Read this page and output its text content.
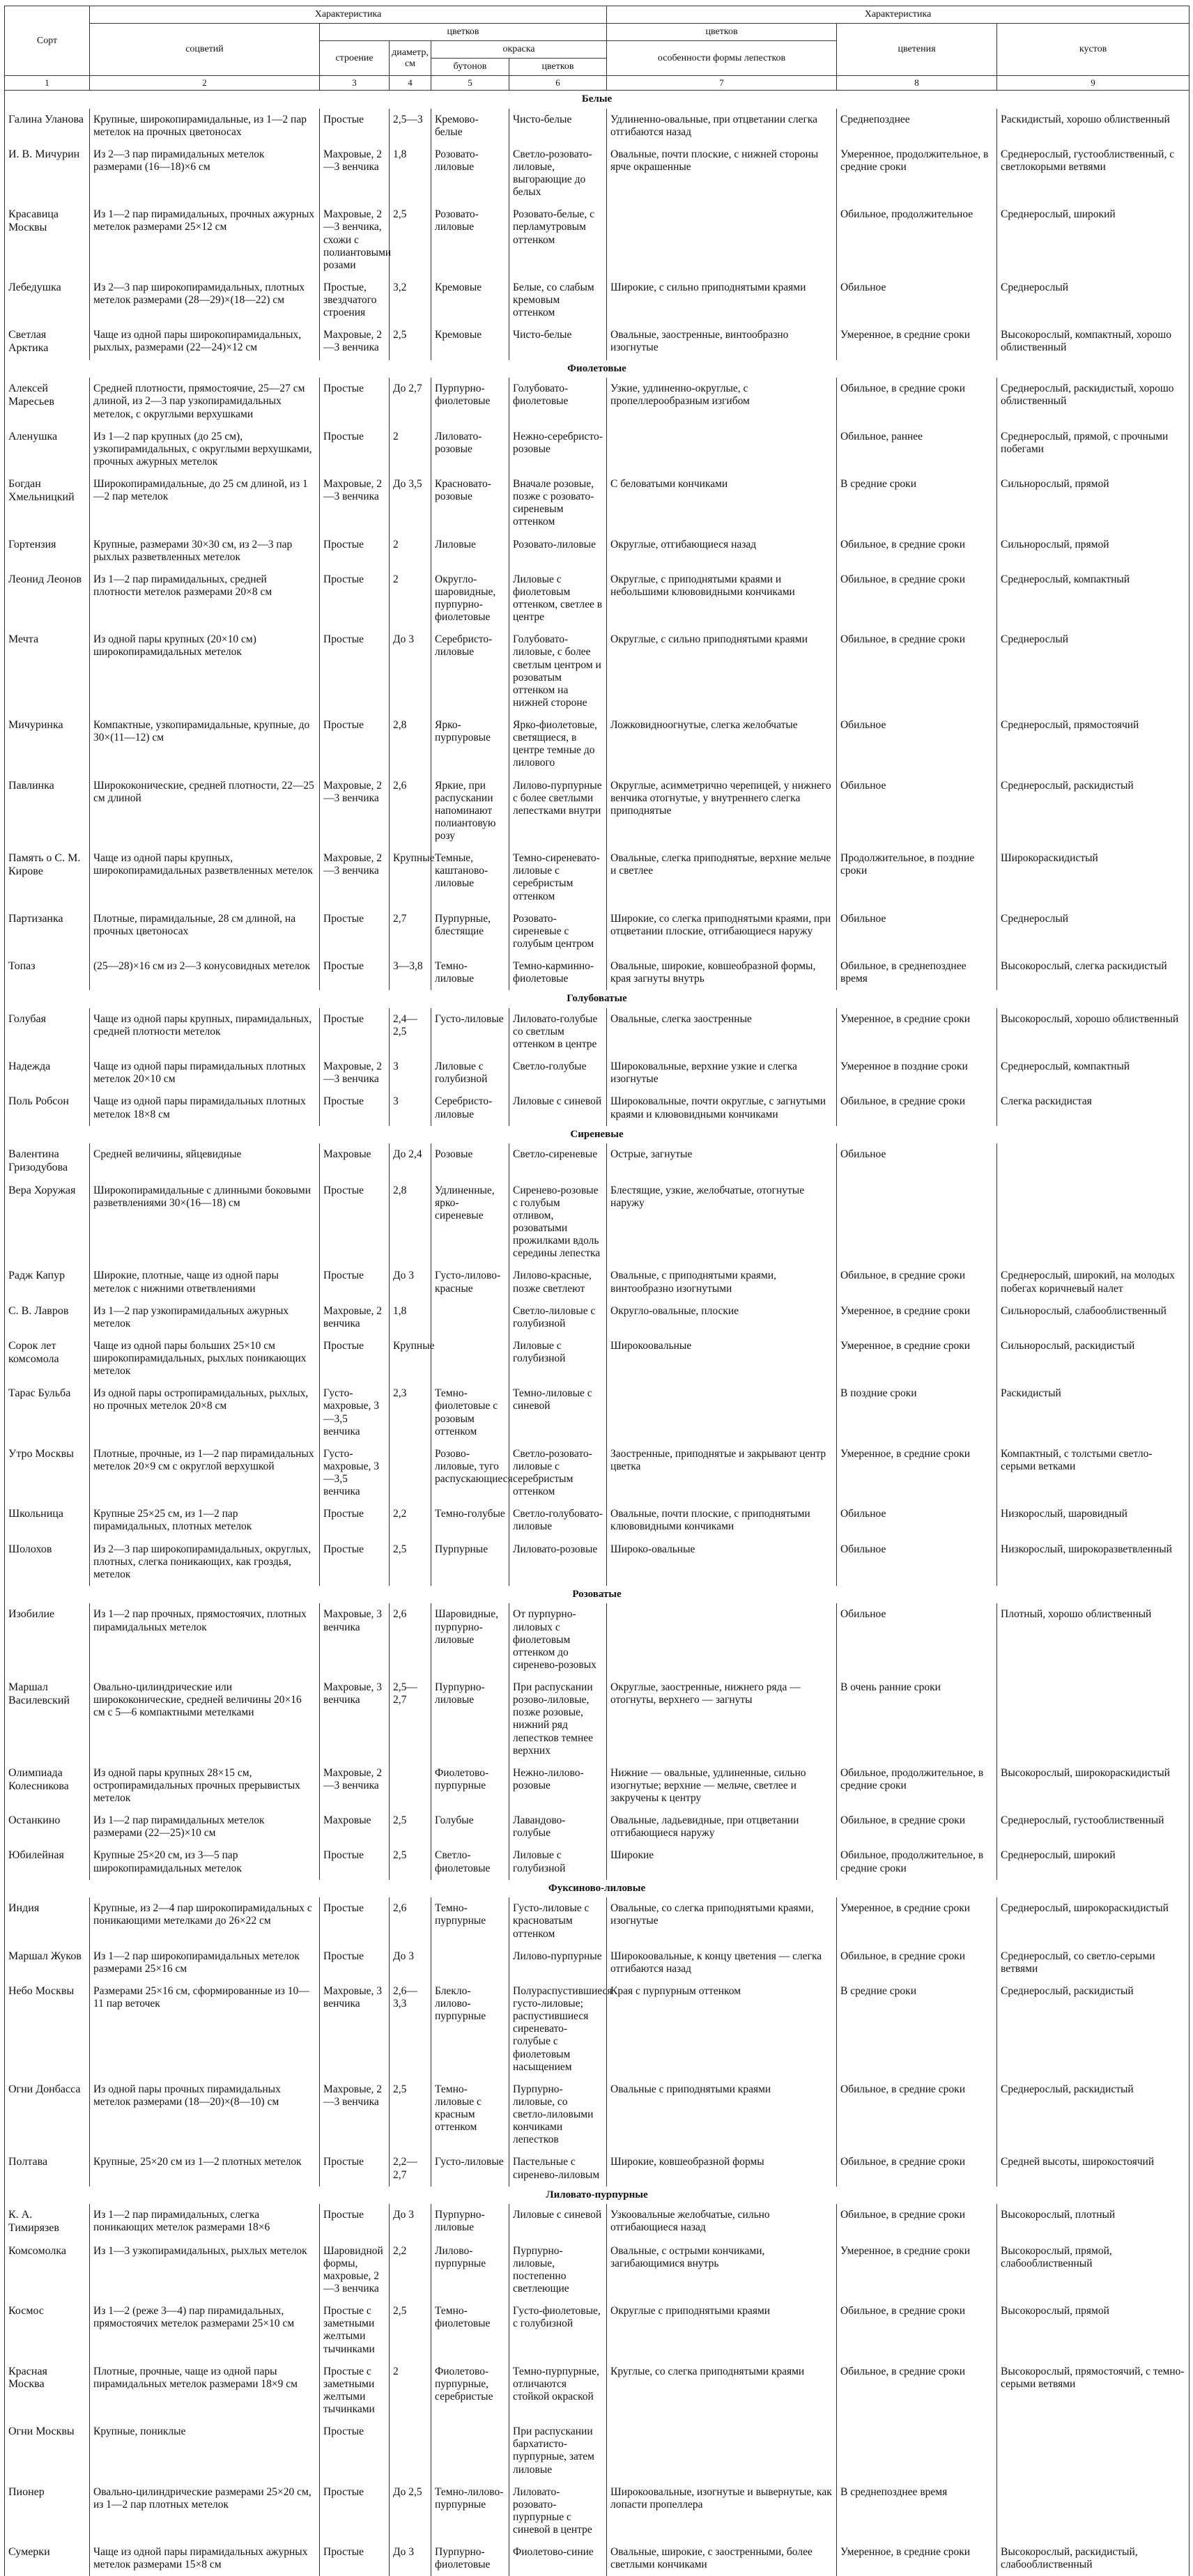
Сорт	Характеристика					Характеристика		
	соцветий	цветков				цветков	цветения	кустов
		строение	диаметр, см	окраска		особенности формы лепестков		
				бутонов	цветков			
1	2	3	4	5	6	7	8	9
Белые								
Галина Уланова	Крупные, широкопирамидальные, из 1—2 пар метелок на прочных цветоносах	Простые	2,5—3	Кремово-белые	Чисто-белые	Удлиненно-овальные, при отцветании слегка отгибаются назад	Среднепозднее	Раскидистый, хорошо облиственный
И. В. Мичурин	Из 2—3 пар пирамидальных метелок размерами (16—18)×6 см	Махровые, 2—3 венчика	1,8	Розовато-лиловые	Светло-розовато-лиловые, выгорающие до белых	Овальные, почти плоские, с нижней стороны ярче окрашенные	Умеренное, продолжительное, в средние сроки	Среднерослый, густооблиственный, с светлокорыми ветвями
Красавица Москвы	Из 1—2 пар пирамидальных, прочных ажурных метелок размерами 25×12 см	Махровые, 2—3 венчика, схожи с полиантовыми розами	2,5	Розовато-лиловые	Розовато-белые, с перламутровым оттенком		Обильное, продолжительное	Среднерослый, широкий
Лебедушка	Из 2—3 пар широкопирамидальных, плотных метелок размерами (28—29)×(18—22) см	Простые, звездчатого строения	3,2	Кремовые	Белые, со слабым кремовым оттенком	Широкие, с сильно приподнятыми краями	Обильное	Среднерослый
Светлая Арктика	Чаще из одной пары широкопирамидальных, рыхлых, размерами (22—24)×12 см	Махровые, 2—3 венчика	2,5	Кремовые	Чисто-белые	Овальные, заостренные, винтообразно изогнутые	Умеренное, в средние сроки	Высокорослый, компактный, хорошо облиственный
Фиолетовые								
Алексей Маресьев	Средней плотности, прямостоячие, 25—27 см длиной, из 2—3 пар узкопирамидальных метелок, с округлыми верхушками	Простые	До 2,7	Пурпурно-фиолетовые	Голубовато-фиолетовые	Узкие, удлиненно-округлые, с пропеллерообразным изгибом	Обильное, в средние сроки	Среднерослый, раскидистый, хорошо облиственный
Аленушка	Из 1—2 пар крупных (до 25 см), узкопирамидальных, с округлыми верхушками, прочных ажурных метелок	Простые	2	Лиловато-розовые	Нежно-серебристо-розовые		Обильное, раннее	Среднерослый, прямой, с прочными побегами
Богдан Хмельницкий	Широкопирамидальные, до 25 см длиной, из 1—2 пар метелок	Махровые, 2—3 венчика	До 3,5	Красновато-розовые	Вначале розовые, позже с розовато-сиреневым оттенком	С беловатыми кончиками	В средние сроки	Сильнорослый, прямой
Гортензия	Крупные, размерами 30×30 см, из 2—3 пар рыхлых разветвленных метелок	Простые	2	Лиловые	Розовато-лиловые	Округлые, отгибающиеся назад	Обильное, в средние сроки	Сильнорослый, прямой
Леонид Леонов	Из 1—2 пар пирамидальных, средней плотности метелок размерами 20×8 см	Простые	2	Округло-шаровидные, пурпурно-фиолетовые	Лиловые с фиолетовым оттенком, светлее в центре	Округлые, с приподнятыми краями и небольшими клювовидными кончиками	Обильное, в средние сроки	Среднерослый, компактный
Мечта	Из одной пары крупных (20×10 см) широкопирамидальных метелок	Простые	До 3	Серебристо-лиловые	Голубовато-лиловые, с более светлым центром и розоватым оттенком на нижней стороне	Округлые, с сильно приподнятыми краями	Обильное, в средние сроки	Среднерослый
Мичуринка	Компактные, узкопирамидальные, крупные, до 30×(11—12) см	Простые	2,8	Ярко-пурпуровые	Ярко-фиолетовые, светящиеся, в центре темные до лилового	Ложковидноогнутые, слегка желобчатые	Обильное	Среднерослый, прямостоячий
Павлинка	Ширококонические, средней плотности, 22—25 см длиной	Махровые, 2—3 венчика	2,6	Яркие, при распускании напоминают полиантовую розу	Лилово-пурпурные с более светлыми лепестками внутри	Округлые, асимметрично черепицей, у нижнего венчика отогнутые, у внутреннего слегка приподнятые	Обильное	Среднерослый, раскидистый
Память о С. М. Кирове	Чаще из одной пары крупных, широкопирамидальных разветвленных метелок	Махровые, 2—3 венчика	Крупные	Темные, каштаново-лиловые	Темно-сиреневато-лиловые с серебристым оттенком	Овальные, слегка приподнятые, верхние мельче и светлее	Продолжительное, в поздние сроки	Широкораскидистый
Партизанка	Плотные, пирамидальные, 28 см длиной, на прочных цветоносах	Простые	2,7	Пурпурные, блестящие	Розовато-сиреневые с голубым центром	Широкие, со слегка приподнятыми краями, при отцветании плоские, отгибающиеся наружу	Обильное	Среднерослый
Топаз	(25—28)×16 см из 2—3 конусовидных метелок	Простые	3—3,8	Темно-лиловые	Темно-карминно-фиолетовые	Овальные, широкие, ковшеобразной формы, края загнуты внутрь	Обильное, в среднепозднее время	Высокорослый, слегка раскидистый
Голубоватые								
Голубая	Чаще из одной пары крупных, пирамидальных, средней плотности метелок	Простые	2,4—2,5	Густо-лиловые	Лиловато-голубые со светлым оттенком в центре	Овальные, слегка заостренные	Умеренное, в средние сроки	Высокорослый, хорошо облиственный
Надежда	Чаще из одной пары пирамидальных плотных метелок 20×10 см	Махровые, 2—3 венчика	3	Лиловые с голубизной	Светло-голубые	Широковальные, верхние узкие и слегка изогнутые	Умеренное в поздние сроки	Среднерослый, компактный
Поль Робсон	Чаще из одной пары пирамидальных плотных метелок 18×8 см	Простые	3	Серебристо-лиловые	Лиловые с синевой	Широковальные, почти округлые, с загнутыми краями и клювовидными кончиками	Обильное, в средние сроки	Слегка раскидистая
Сиреневые								
Валентина Гризодубова	Средней величины, яйцевидные	Махровые	До 2,4	Розовые	Светло-сиреневые	Острые, загнутые	Обильное	
Вера Хоружая	Широкопирамидальные с длинными боковыми разветвлениями 30×(16—18) см	Простые	2,8	Удлиненные, ярко-сиреневые	Сиренево-розовые с голубым отливом, розоватыми прожилками вдоль середины лепестка	Блестящие, узкие, желобчатые, отогнутые наружу		
Радж Капур	Широкие, плотные, чаще из одной пары метелок с нижними ответвлениями	Простые	До 3	Густо-лилово-красные	Лилово-красные, позже светлеют	Овальные, с приподнятыми краями, винтообразно изогнутыми	Обильное, в средние сроки	Среднерослый, широкий, на молодых побегах коричневый налет
С. В. Лавров	Из 1—2 пар узкопирамидальных ажурных метелок	Махровые, 2 венчика	1,8		Светло-лиловые с голубизной	Округло-овальные, плоские	Умеренное, в средние сроки	Сильнорослый, слабооблиственный
Сорок лет комсомола	Чаще из одной пары больших 25×10 см широкопирамидальных, рыхлых поникающих метелок	Простые	Крупные		Лиловые с голубизной	Широкоовальные	Умеренное, в средние сроки	Сильнорослый, раскидистый
Тарас Бульба	Из одной пары остропирамидальных, рыхлых, но прочных метелок 20×8 см	Густо-махровые, 3—3,5 венчика	2,3	Темно-фиолетовые с розовым оттенком	Темно-лиловые с синевой		В поздние сроки	Раскидистый
Утро Москвы	Плотные, прочные, из 1—2 пар пирамидальных метелок 20×9 см с округлой верхушкой	Густо-махровые, 3—3,5 венчика		Розово-лиловые, туго распускающиеся	Светло-розовато-лиловые с серебристым оттенком	Заостренные, приподнятые и закрывают центр цветка	Умеренное, в средние сроки	Компактный, с толстыми светло-серыми ветками
Школьница	Крупные 25×25 см, из 1—2 пар пирамидальных, плотных метелок	Простые	2,2	Темно-голубые	Светло-голубовато-лиловые	Овальные, почти плоские, с приподнятыми клювовидными кончиками	Обильное	Низкорослый, шаровидный
Шолохов	Из 2—3 пар широкопирамидальных, округлых, плотных, слегка поникающих, как гроздья, метелок	Простые	2,5	Пурпурные	Лиловато-розовые	Широко-овальные	Обильное	Низкорослый, широкоразветвленный
Розоватые								
Изобилие	Из 1—2 пар прочных, прямостоячих, плотных пирамидальных метелок	Махровые, 3 венчика	2,6	Шаровидные, пурпурно-лиловые	От пурпурно-лиловых с фиолетовым оттенком до сиренево-розовых		Обильное	Плотный, хорошо облиственный
Маршал Василевский	Овально-цилиндрические или ширококонические, средней величины 20×16 см с 5—6 компактными метелками	Махровые, 3 венчика	2,5—2,7	Пурпурно-лиловые	При распускании розово-лиловые, позже розовые, нижний ряд лепестков темнее верхних	Округлые, заостренные, нижнего ряда — отогнуты, верхнего — загнуты	В очень ранние сроки	
Олимпиада Колесникова	Из одной пары крупных 28×15 см, остропирамидальных прочных прерывистых метелок	Махровые, 2—3 венчика		Фиолетово-пурпурные	Нежно-лилово-розовые	Нижние — овальные, удлиненные, сильно изогнутые; верхние — мельче, светлее и закручены к центру	Обильное, продолжительное, в средние сроки	Высокорослый, широкораскидистый
Останкино	Из 1—2 пар пирамидальных метелок размерами (22—25)×10 см	Махровые	2,5	Голубые	Лавандово-голубые	Овальные, ладьевидные, при отцветании отгибающиеся наружу	Обильное, в средние сроки	Среднерослый, густооблиственный
Юбилейная	Крупные 25×20 см, из 3—5 пар широкопирамидальных метелок	Простые	2,5	Светло-фиолетовые	Лиловые с голубизной	Широкие	Обильное, продолжительное, в средние сроки	Среднерослый, широкий
Фуксиново-лиловые								
Индия	Крупные, из 2—4 пар широкопирамидальных с поникающими метелками до 26×22 см	Простые	2,6	Темно-пурпурные	Густо-лиловые с красноватым оттенком	Овальные, со слегка приподнятыми краями, изогнутые	Умеренное, в средние сроки	Среднерослый, широкораскидистый
Маршал Жуков	Из 1—2 пар широкопирамидальных метелок размерами 25×16 см	Простые	До 3		Лилово-пурпурные	Широкоовальные, к концу цветения — слегка отгибаются назад	Обильное, в средние сроки	Среднерослый, со светло-серыми ветвями
Небо Москвы	Размерами 25×16 см, сформированные из 10—11 пар веточек	Махровые, 3 венчика	2,6—3,3	Блекло-лилово-пурпурные	Полураспустившиеся густо-лиловые; распустившиеся сиреневато-голубые с фиолетовым насыщением	Края с пурпурным оттенком	В средние сроки	Среднерослый, раскидистый
Огни Донбасса	Из одной пары прочных пирамидальных метелок размерами (18—20)×(8—10) см	Махровые, 2—3 венчика	2,5	Темно-лиловые с красным оттенком	Пурпурно-лиловые, со светло-лиловыми кончиками лепестков	Овальные с приподнятыми краями	Обильное, в средние сроки	Среднерослый, раскидистый
Полтава	Крупные, 25×20 см из 1—2 плотных метелок	Простые	2,2—2,7	Густо-лиловые	Пастельные с сиренево-лиловым	Широкие, ковшеобразной формы	Обильное, в средние сроки	Средней высоты, широкостоячий
Лиловато-пурпурные								
К. А. Тимирязев	Из 1—2 пар пирамидальных, слегка поникающих метелок размерами 18×6	Простые	До 3	Пурпурно-лиловые	Лиловые с синевой	Узкоовальные желобчатые, сильно отгибающиеся назад	Обильное, в средние сроки	Высокорослый, плотный
Комсомолка	Из 1—3 узкопирамидальных, рыхлых метелок	Шаровидной формы, махровые, 2—3 венчика	2,2	Лилово-пурпурные	Пурпурно-лиловые, постепенно светлеющие	Овальные, с острыми кончиками, загибающимися внутрь	Умеренное, в средние сроки	Высокорослый, прямой, слабооблиственный
Космос	Из 1—2 (реже 3—4) пар пирамидальных, прямостоячих метелок размерами 25×10 см	Простые с заметными желтыми тычинками	2,5	Темно-фиолетовые	Густо-фиолетовые, с голубизной	Округлые с приподнятыми краями	Обильное, в средние сроки	Высокорослый, прямой
Красная Москва	Плотные, прочные, чаще из одной пары пирамидальных метелок размерами 18×9 см	Простые с заметными желтыми тычинками	2	Фиолетово-пурпурные, серебристые	Темно-пурпурные, отличаются стойкой окраской	Круглые, со слегка приподнятыми краями	Обильное, в средние сроки	Высокорослый, прямостоячий, с темно-серыми ветвями
Огни Москвы	Крупные, пониклые	Простые			При распускании бархатисто-пурпурные, затем лиловые			
Пионер	Овально-цилиндрические размерами 25×20 см, из 1—2 пар плотных метелок	Простые	До 2,5	Темно-лилово-пурпурные	Лиловато-розовато-пурпурные с синевой в центре	Широкоовальные, изогнутые и вывернутые, как лопасти пропеллера	В среднепозднее время	
Сумерки	Чаще из одной пары пирамидальных ажурных метелок размерами 15×8 см	Простые	До 3	Пурпурно-фиолетовые	Фиолетово-синие	Овальные, широкие, с заостренными, более светлыми кончиками	Умеренное, в средние сроки	Высокорослый, раскидистый, слабооблиственный
